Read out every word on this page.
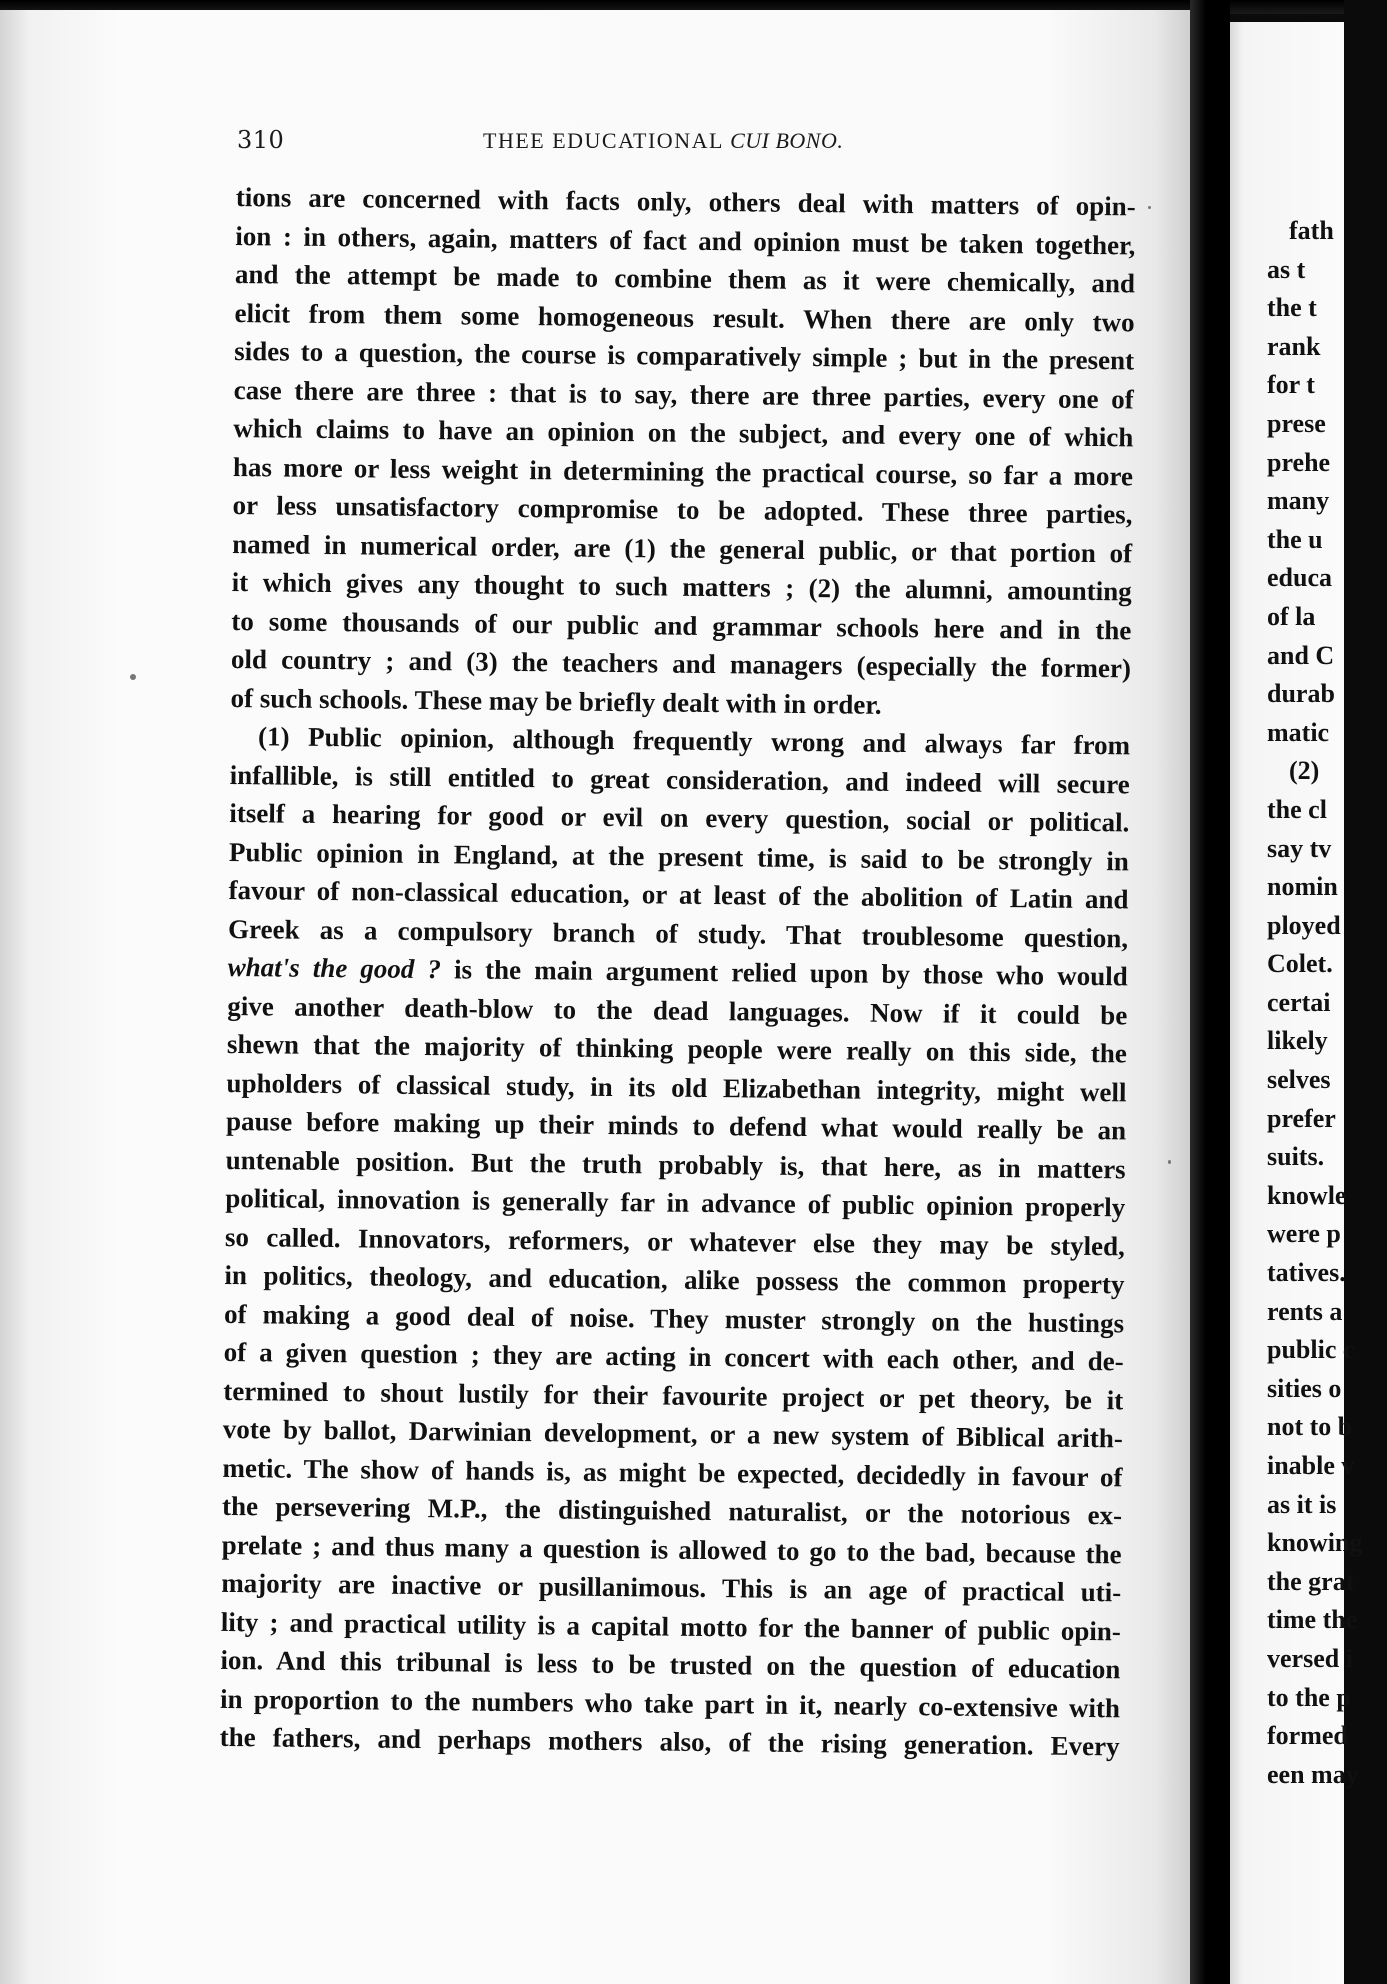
310	THEE EDUCATIONAL CUI BONO.
tions are concerned with facts only, others deal with matters of opin-
ion : in others, again, matters of fact and opinion must be taken together,
and the attempt be made to combine them as it were chemically, and
elicit from them some homogeneous result. When there are only two
sides to a question, the course is comparatively simple ; but in the present
case there are three : that is to say, there are three parties, every one of
which claims to have an opinion on the subject, and every one of which
has more or less weight in determining the practical course, so far a more
or less unsatisfactory compromise to be adopted. These three parties,
named in numerical order, are (1) the general public, or that portion of
it which gives any thought to such matters ; (2) the alumni, amounting
to some thousands of our public and grammar schools here and in the
old country ; and (3) the teachers and managers (especially the former)
of such schools. These may be briefly dealt with in order.
(1) Public opinion, although frequently wrong and always far from
infallible, is still entitled to great consideration, and indeed will secure
itself a hearing for good or evil on every question, social or political.
Public opinion in England, at the present time, is said to be strongly in
favour of non-classical education, or at least of the abolition of Latin and
Greek as a compulsory branch of study. That troublesome question,
what's the good ? is the main argument relied upon by those who would
give another death-blow to the dead languages. Now if it could be
shewn that the majority of thinking people were really on this side, the
upholders of classical study, in its old Elizabethan integrity, might well
pause before making up their minds to defend what would really be an
untenable position. But the truth probably is, that here, as in matters
political, innovation is generally far in advance of public opinion properly
so called. Innovators, reformers, or whatever else they may be styled,
in politics, theology, and education, alike possess the common property
of making a good deal of noise. They muster strongly on the hustings
of a given question ; they are acting in concert with each other, and de-
termined to shout lustily for their favourite project or pet theory, be it
vote by ballot, Darwinian development, or a new system of Biblical arith-
metic. The show of hands is, as might be expected, decidedly in favour of
the persevering M.P., the distinguished naturalist, or the notorious ex-
prelate ; and thus many a question is allowed to go to the bad, because the
majority are inactive or pusillanimous. This is an age of practical uti-
lity ; and practical utility is a capital motto for the banner of public opin-
ion. And this tribunal is less to be trusted on the question of education
in proportion to the numbers who take part in it, nearly co-extensive with
the fathers, and perhaps mothers also, of the rising generation. Every
fath
as t
the t
rank
for t
prese
prehe
many
the u
educa
of la
and C
durab
matic
(2)
the cl
say tv
nomin
ployed
Colet.
certai
likely
selves
prefer
suits.
knowle
were p
tatives.
rents a
public c
sities o
not to b
inable v
as it is
knowing
the grat
time the
versed i
to the p
formed
een may
